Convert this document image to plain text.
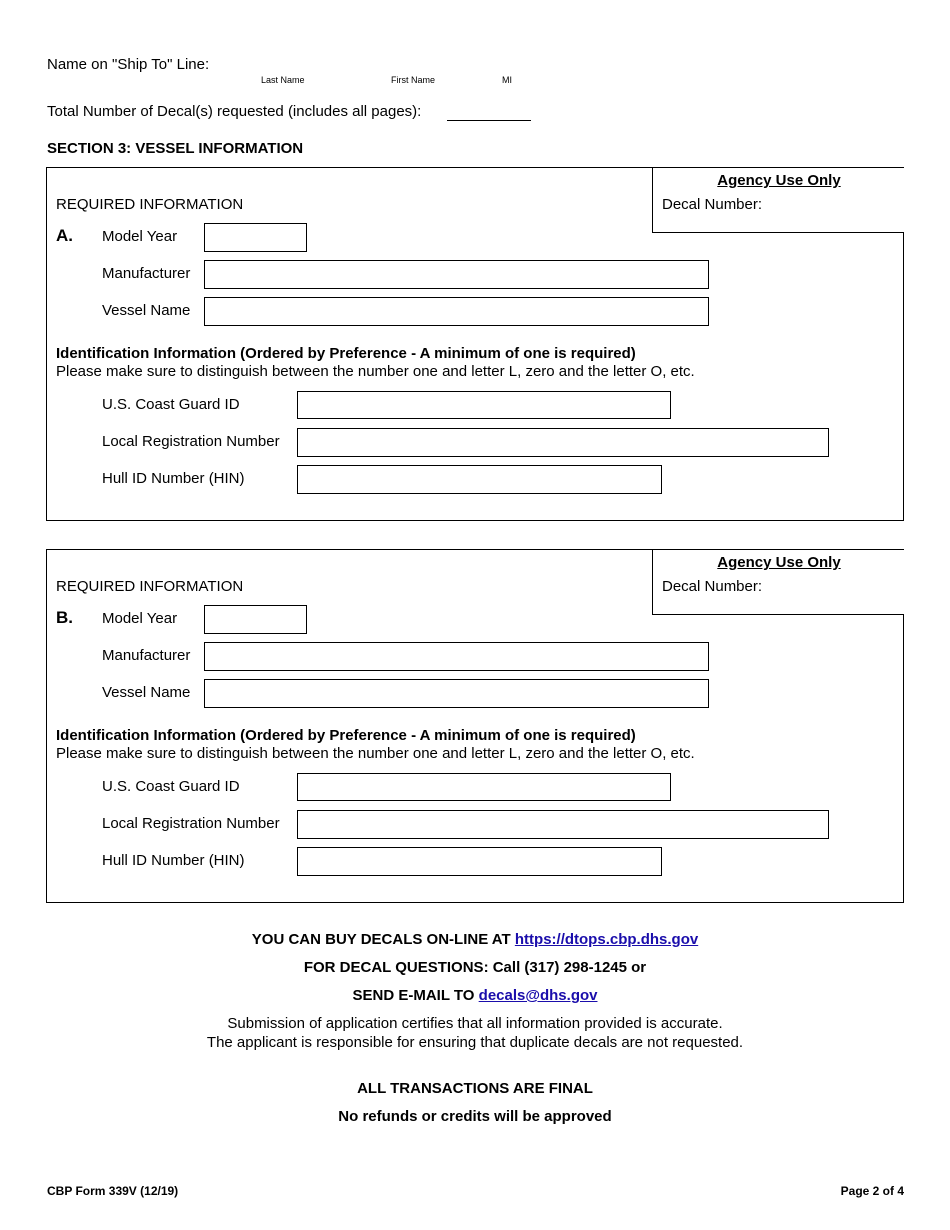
Name on "Ship To" Line:
Last Name	First Name	MI
Total Number of Decal(s) requested (includes all pages):
SECTION 3: VESSEL INFORMATION
Agency Use Only
Decal Number:
REQUIRED INFORMATION
A. Model Year
Manufacturer
Vessel Name
Identification Information (Ordered by Preference - A minimum of one is required)
Please make sure to distinguish between the number one and letter L, zero and the letter O, etc.
U.S. Coast Guard ID
Local Registration Number
Hull ID Number (HIN)
Agency Use Only
Decal Number:
REQUIRED INFORMATION
B. Model Year
Manufacturer
Vessel Name
Identification Information (Ordered by Preference - A minimum of one is required)
Please make sure to distinguish between the number one and letter L, zero and the letter O, etc.
U.S. Coast Guard ID
Local Registration Number
Hull ID Number (HIN)
YOU CAN BUY DECALS ON-LINE AT https://dtops.cbp.dhs.gov
FOR DECAL QUESTIONS: Call (317) 298-1245 or
SEND E-MAIL TO decals@dhs.gov
Submission of application certifies that all information provided is accurate.
The applicant is responsible for ensuring that duplicate decals are not requested.
ALL TRANSACTIONS ARE FINAL
No refunds or credits will be approved
CBP Form 339V (12/19)	Page 2 of 4
